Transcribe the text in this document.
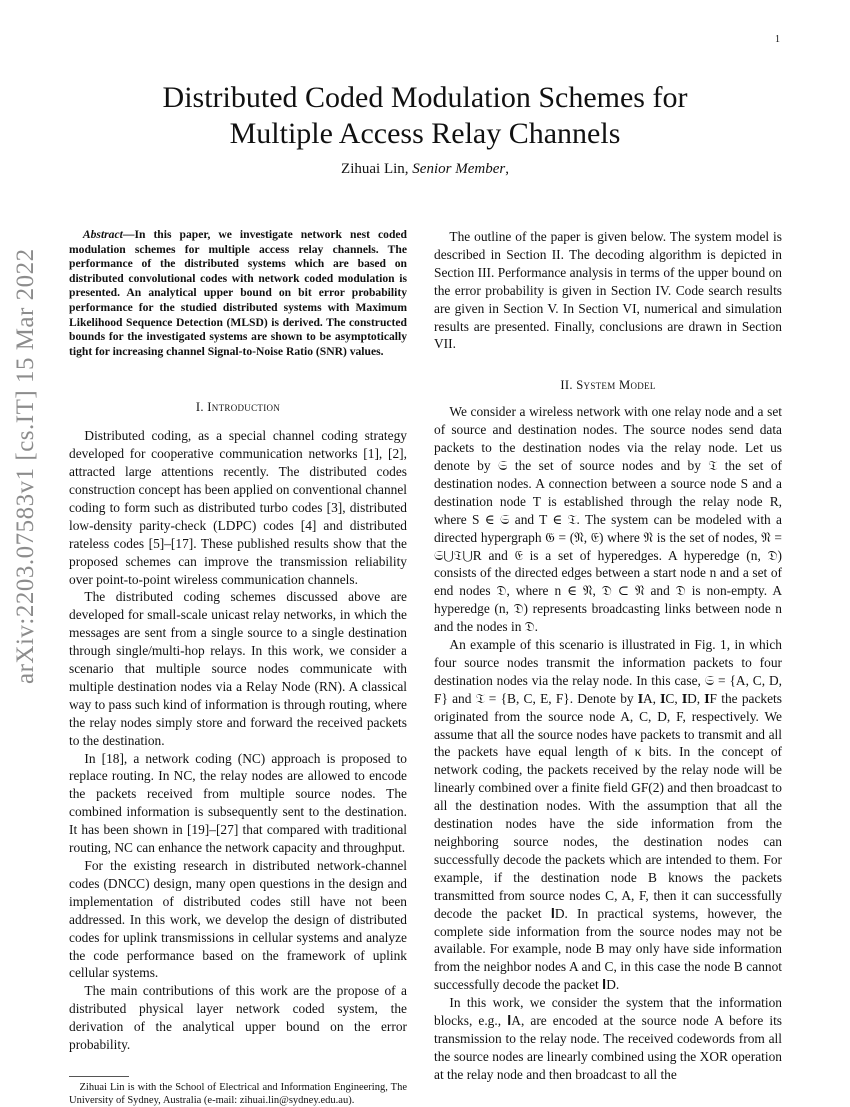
1
arXiv:2203.07583v1 [cs.IT] 15 Mar 2022
Distributed Coded Modulation Schemes for
Multiple Access Relay Channels
Zihuai Lin, Senior Member,

Abstract—In this paper, we investigate network nest coded modulation schemes for multiple access relay channels. The performance of the distributed systems which are based on distributed convolutional codes with network coded modulation is presented. An analytical upper bound on bit error probability performance for the studied distributed systems with Maximum Likelihood Sequence Detection (MLSD) is derived. The constructed bounds for the investigated systems are shown to be asymptotically tight for increasing channel Signal-to-Noise Ratio (SNR) values.

I. Introduction

Distributed coding, as a special channel coding strategy developed for cooperative communication networks [1], [2], attracted large attentions recently. The distributed codes construction concept has been applied on conventional channel coding to form such as distributed turbo codes [3], distributed low-density parity-check (LDPC) codes [4] and distributed rateless codes [5]–[17]. These published results show that the proposed schemes can improve the transmission reliability over point-to-point wireless communication channels.

The distributed coding schemes discussed above are developed for small-scale unicast relay networks, in which the messages are sent from a single source to a single destination through single/multi-hop relays. In this work, we consider a scenario that multiple source nodes communicate with multiple destination nodes via a Relay Node (RN). A classical way to pass such kind of information is through routing, where the relay nodes simply store and forward the received packets to the destination.

In [18], a network coding (NC) approach is proposed to replace routing. In NC, the relay nodes are allowed to encode the packets received from multiple source nodes. The combined information is subsequently sent to the destination. It has been shown in [19]–[27] that compared with traditional routing, NC can enhance the network capacity and throughput.

For the existing research in distributed network-channel codes (DNCC) design, many open questions in the design and implementation of distributed codes still have not been addressed. In this work, we develop the design of distributed codes for uplink transmissions in cellular systems and analyze the code performance based on the framework of uplink cellular systems.

The main contributions of this work are the propose of a distributed physical layer network coded system, the derivation of the analytical upper bound on the error probability.

Zihuai Lin is with the School of Electrical and Information Engineering, The University of Sydney, Australia (e-mail: zihuai.lin@sydney.edu.au).

The outline of the paper is given below. The system model is described in Section II. The decoding algorithm is depicted in Section III. Performance analysis in terms of the upper bound on the error probability is given in Section IV. Code search results are given in Section V. In Section VI, numerical and simulation results are presented. Finally, conclusions are drawn in Section VII.

II. System Model

We consider a wireless network with one relay node and a set of source and destination nodes. The source nodes send data packets to the destination nodes via the relay node. Let us denote by 𝔖 the set of source nodes and by 𝔗 the set of destination nodes. A connection between a source node S and a destination node T is established through the relay node R, where S ∈ 𝔖 and T ∈ 𝔗. The system can be modeled with a directed hypergraph 𝔊 = (𝔑, 𝔈) where 𝔑 is the set of nodes, 𝔑 = 𝔖⋃𝔗⋃R and 𝔈 is a set of hyperedges. A hyperedge (n, 𝔇) consists of the directed edges between a start node n and a set of end nodes 𝔇, where n ∈ 𝔑, 𝔇 ⊂ 𝔑 and 𝔇 is non-empty. A hyperedge (n, 𝔇) represents broadcasting links between node n and the nodes in 𝔇.

An example of this scenario is illustrated in Fig. 1, in which four source nodes transmit the information packets to four destination nodes via the relay node. In this case, 𝔖 = {A, C, D, F} and 𝔗 = {B, C, E, F}. Denote by 𝐈A, 𝐈C, 𝐈D, 𝐈F the packets originated from the source node A, C, D, F, respectively. We assume that all the source nodes have packets to transmit and all the packets have equal length of κ bits. In the concept of network coding, the packets received by the relay node will be linearly combined over a finite field GF(2) and then broadcast to all the destination nodes. With the assumption that all the destination nodes have the side information from the neighboring source nodes, the destination nodes can successfully decode the packets which are intended to them. For example, if the destination node B knows the packets transmitted from source nodes C, A, F, then it can successfully decode the packet 𝐈D. In practical systems, however, the complete side information from the source nodes may not be available. For example, node B may only have side information from the neighbor nodes A and C, in this case the node B cannot successfully decode the packet 𝐈D.

In this work, we consider the system that the information blocks, e.g., 𝐈A, are encoded at the source node A before its transmission to the relay node. The received codewords from all the source nodes are linearly combined using the XOR operation at the relay node and then broadcast to all the
